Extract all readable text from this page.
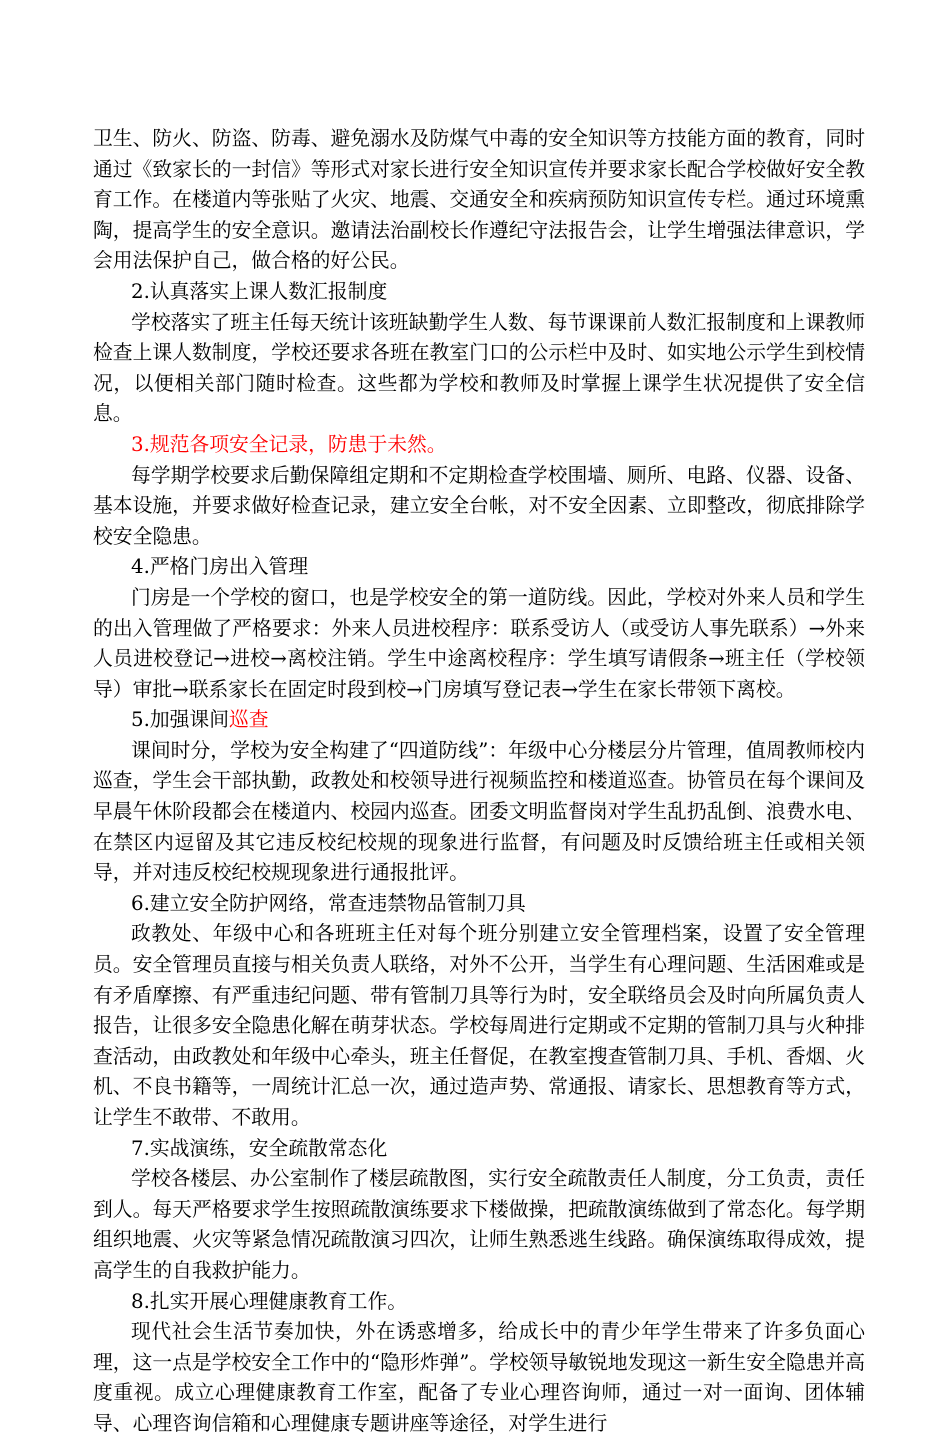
卫生、防火、防盗、防毒、避免溺水及防煤气中毒的安全知识等方技能方面的教育，同时通过《致家长的一封信》等形式对家长进行安全知识宣传并要求家长配合学校做好安全教育工作。在楼道内等张贴了火灾、地震、交通安全和疾病预防知识宣传专栏。通过环境熏陶，提高学生的安全意识。邀请法治副校长作遵纪守法报告会，让学生增强法律意识，学会用法保护自己，做合格的好公民。

2.认真落实上课人数汇报制度

学校落实了班主任每天统计该班缺勤学生人数、每节课课前人数汇报制度和上课教师检查上课人数制度，学校还要求各班在教室门口的公示栏中及时、如实地公示学生到校情况，以便相关部门随时检查。这些都为学校和教师及时掌握上课学生状况提供了安全信息。

3.规范各项安全记录，防患于未然。

每学期学校要求后勤保障组定期和不定期检查学校围墙、厕所、电路、仪器、设备、基本设施，并要求做好检查记录，建立安全台帐，对不安全因素、立即整改，彻底排除学校安全隐患。

4.严格门房出入管理

门房是一个学校的窗口，也是学校安全的第一道防线。因此，学校对外来人员和学生的出入管理做了严格要求：外来人员进校程序：联系受访人（或受访人事先联系）→外来人员进校登记→进校→离校注销。学生中途离校程序：学生填写请假条→班主任（学校领导）审批→联系家长在固定时段到校→门房填写登记表→学生在家长带领下离校。

5.加强课间巡查

课间时分，学校为安全构建了“四道防线”：年级中心分楼层分片管理，值周教师校内巡查，学生会干部执勤，政教处和校领导进行视频监控和楼道巡查。协管员在每个课间及早晨午休阶段都会在楼道内、校园内巡查。团委文明监督岗对学生乱扔乱倒、浪费水电、在禁区内逗留及其它违反校纪校规的现象进行监督，有问题及时反馈给班主任或相关领导，并对违反校纪校规现象进行通报批评。

6.建立安全防护网络，常查违禁物品管制刀具

政教处、年级中心和各班班主任对每个班分别建立安全管理档案，设置了安全管理员。安全管理员直接与相关负责人联络，对外不公开，当学生有心理问题、生活困难或是有矛盾摩擦、有严重违纪问题、带有管制刀具等行为时，安全联络员会及时向所属负责人报告，让很多安全隐患化解在萌芽状态。学校每周进行定期或不定期的管制刀具与火种排查活动，由政教处和年级中心牵头，班主任督促，在教室搜查管制刀具、手机、香烟、火机、不良书籍等，一周统计汇总一次，通过造声势、常通报、请家长、思想教育等方式，让学生不敢带、不敢用。

7.实战演练，安全疏散常态化

学校各楼层、办公室制作了楼层疏散图，实行安全疏散责任人制度，分工负责，责任到人。每天严格要求学生按照疏散演练要求下楼做操，把疏散演练做到了常态化。每学期组织地震、火灾等紧急情况疏散演习四次，让师生熟悉逃生线路。确保演练取得成效，提高学生的自我救护能力。

8.扎实开展心理健康教育工作。

现代社会生活节奏加快，外在诱惑增多，给成长中的青少年学生带来了许多负面心理，这一点是学校安全工作中的“隐形炸弹”。学校领导敏锐地发现这一新生安全隐患并高度重视。成立心理健康教育工作室，配备了专业心理咨询师，通过一对一面询、团体辅导、心理咨询信箱和心理健康专题讲座等途径，对学生进行
